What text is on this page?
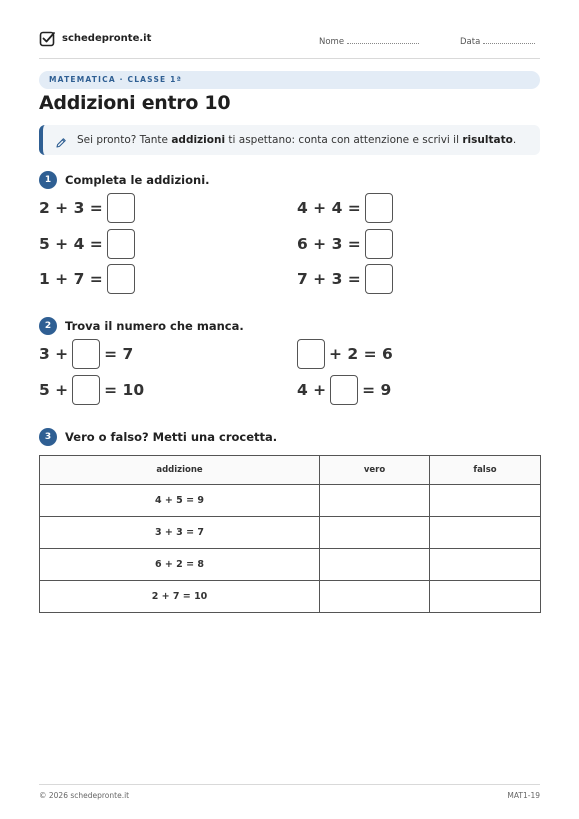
schedepronte.it	Nome	Data
MATEMATICA · CLASSE 1ª
Addizioni entro 10
Sei pronto? Tante addizioni ti aspettano: conta con attenzione e scrivi il risultato.
1	Completa le addizioni.
2 + 3 =
5 + 4 =
1 + 7 =
4 + 4 =
6 + 3 =
7 + 3 =
2	Trova il numero che manca.
3 + = 7	+ 2 = 6
5 + = 10	4 + = 9
3	Vero o falso? Metti una crocetta.
addizione	vero	falso
4 + 5 = 9		
3 + 3 = 7		
6 + 2 = 8		
2 + 7 = 10		
© 2026 schedepronte.it	MAT1-19
